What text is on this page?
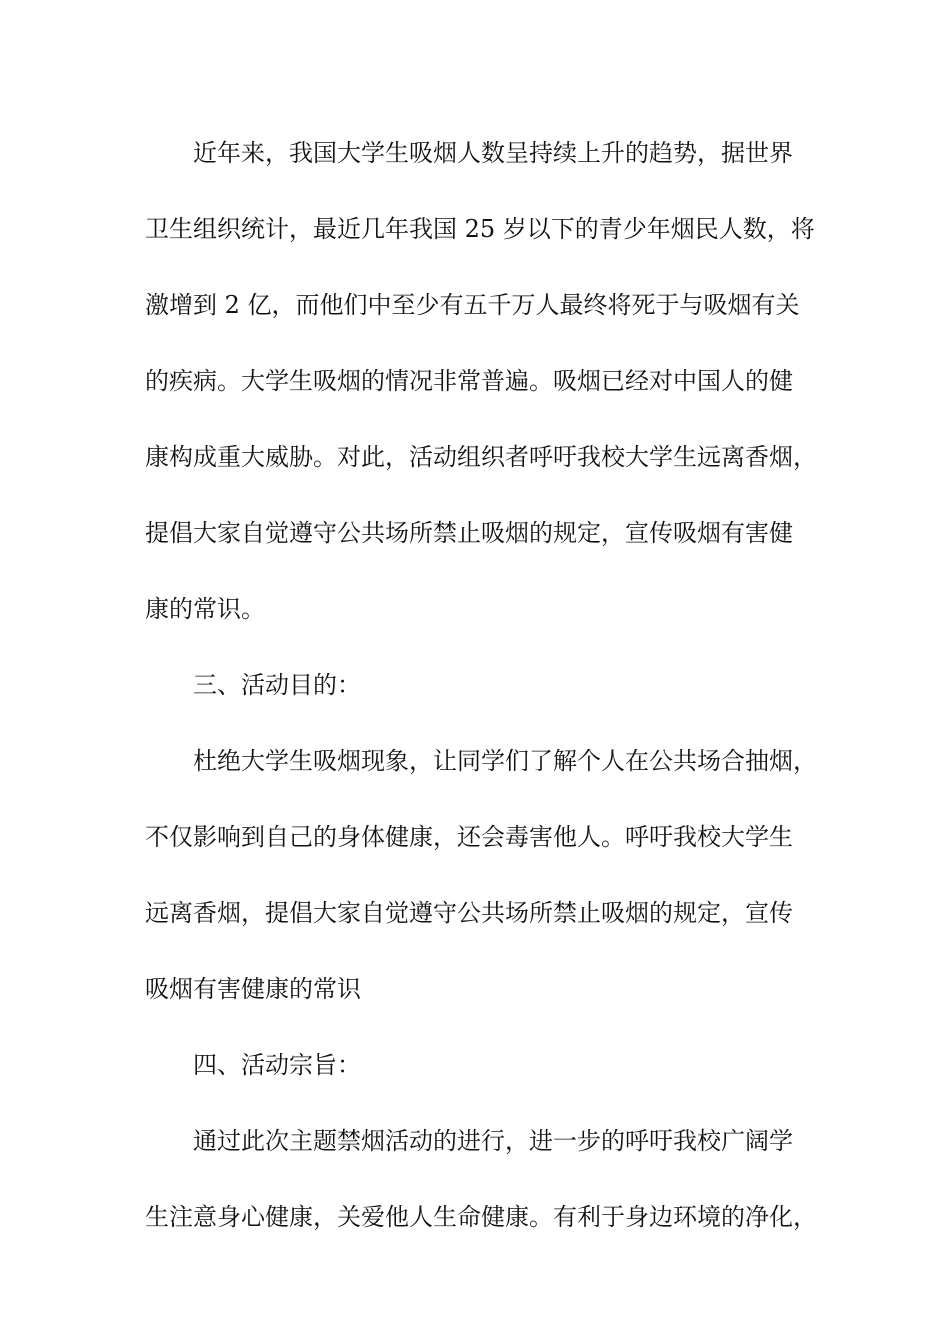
近年来，我国大学生吸烟人数呈持续上升的趋势，据世界
卫生组织统计，最近几年我国 25 岁以下的青少年烟民人数，将
激增到 2 亿，而他们中至少有五千万人最终将死于与吸烟有关
的疾病。大学生吸烟的情况非常普遍。吸烟已经对中国人的健
康构成重大威胁。对此，活动组织者呼吁我校大学生远离香烟，
提倡大家自觉遵守公共场所禁止吸烟的规定，宣传吸烟有害健
康的常识。
三、活动目的：
杜绝大学生吸烟现象，让同学们了解个人在公共场合抽烟，
不仅影响到自己的身体健康，还会毒害他人。呼吁我校大学生
远离香烟，提倡大家自觉遵守公共场所禁止吸烟的规定，宣传
吸烟有害健康的常识
四、活动宗旨：
通过此次主题禁烟活动的进行，进一步的呼吁我校广阔学
生注意身心健康，关爱他人生命健康。有利于身边环境的净化，
